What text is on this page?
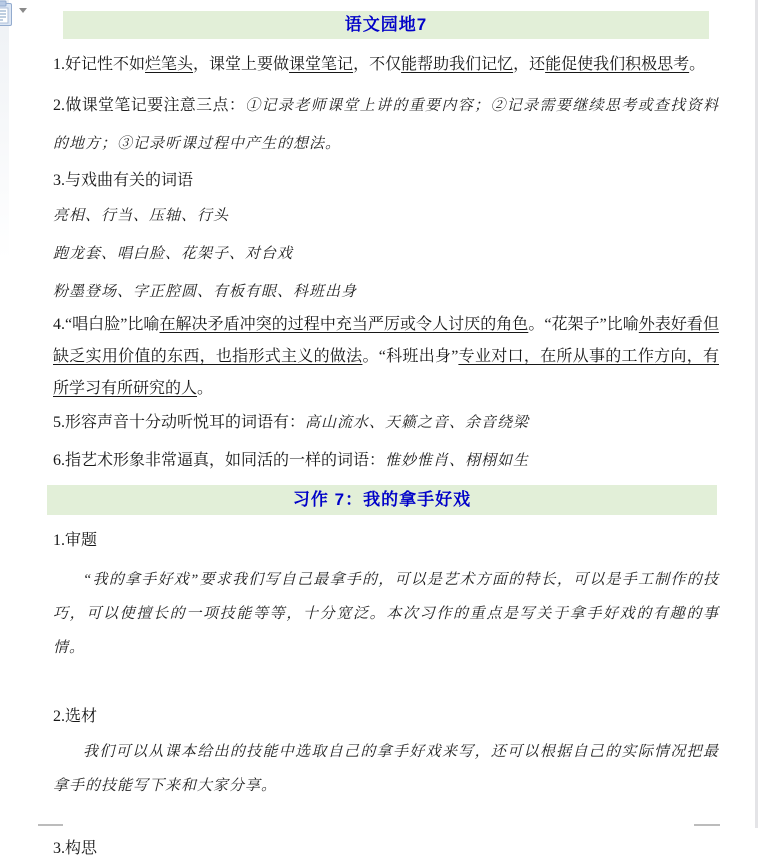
语文园地7

1.好记性不如烂笔头，课堂上要做课堂笔记，不仅能帮助我们记忆，还能促使我们积极思考。

2.做课堂笔记要注意三点：①记录老师课堂上讲的重要内容；②记录需要继续思考或查找资料的地方；③记录听课过程中产生的想法。

3.与戏曲有关的词语

亮相、行当、压轴、行头

跑龙套、唱白脸、花架子、对台戏

粉墨登场、字正腔圆、有板有眼、科班出身

4.“唱白脸”比喻在解决矛盾冲突的过程中充当严厉或令人讨厌的角色。“花架子”比喻外表好看但缺乏实用价值的东西，也指形式主义的做法。“科班出身”专业对口，在所从事的工作方向，有所学习有所研究的人。

5.形容声音十分动听悦耳的词语有：高山流水、天籁之音、余音绕梁

6.指艺术形象非常逼真，如同活的一样的词语：惟妙惟肖、栩栩如生

习作 7：我的拿手好戏

1.审题

“我的拿手好戏”要求我们写自己最拿手的，可以是艺术方面的特长，可以是手工制作的技巧，可以使擅长的一项技能等等，十分宽泛。本次习作的重点是写关于拿手好戏的有趣的事情。

2.选材

我们可以从课本给出的技能中选取自己的拿手好戏来写，还可以根据自己的实际情况把最拿手的技能写下来和大家分享。

3.构思
